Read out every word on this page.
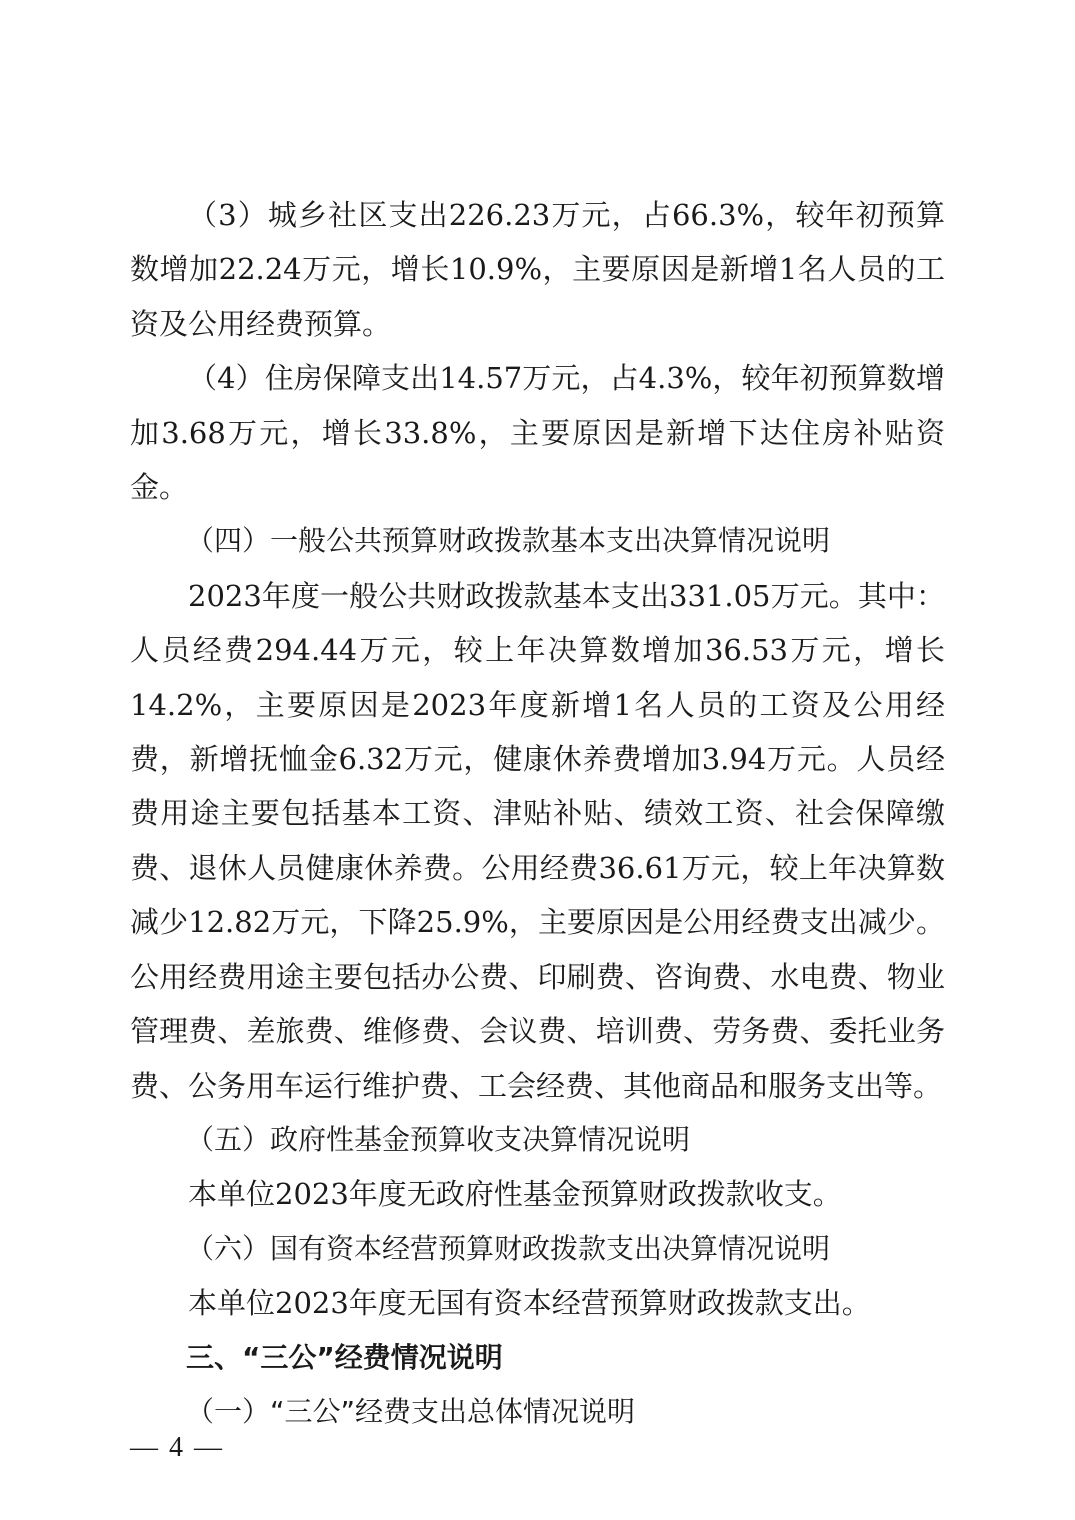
（3）城乡社区支出226.23万元，占66.3%，较年初预算数增加22.24万元，增长10.9%，主要原因是新增1名人员的工资及公用经费预算。

（4）住房保障支出14.57万元，占4.3%，较年初预算数增加3.68万元，增长33.8%，主要原因是新增下达住房补贴资金。

（四）一般公共预算财政拨款基本支出决算情况说明

2023年度一般公共财政拨款基本支出331.05万元。其中：人员经费294.44万元，较上年决算数增加36.53万元，增长14.2%，主要原因是2023年度新增1名人员的工资及公用经费，新增抚恤金6.32万元，健康休养费增加3.94万元。人员经费用途主要包括基本工资、津贴补贴、绩效工资、社会保障缴费、退休人员健康休养费。公用经费36.61万元，较上年决算数减少12.82万元，下降25.9%，主要原因是公用经费支出减少。公用经费用途主要包括办公费、印刷费、咨询费、水电费、物业管理费、差旅费、维修费、会议费、培训费、劳务费、委托业务费、公务用车运行维护费、工会经费、其他商品和服务支出等。

（五）政府性基金预算收支决算情况说明

本单位2023年度无政府性基金预算财政拨款收支。

（六）国有资本经营预算财政拨款支出决算情况说明

本单位2023年度无国有资本经营预算财政拨款支出。

三、“三公”经费情况说明

（一）“三公”经费支出总体情况说明

— 4 —
